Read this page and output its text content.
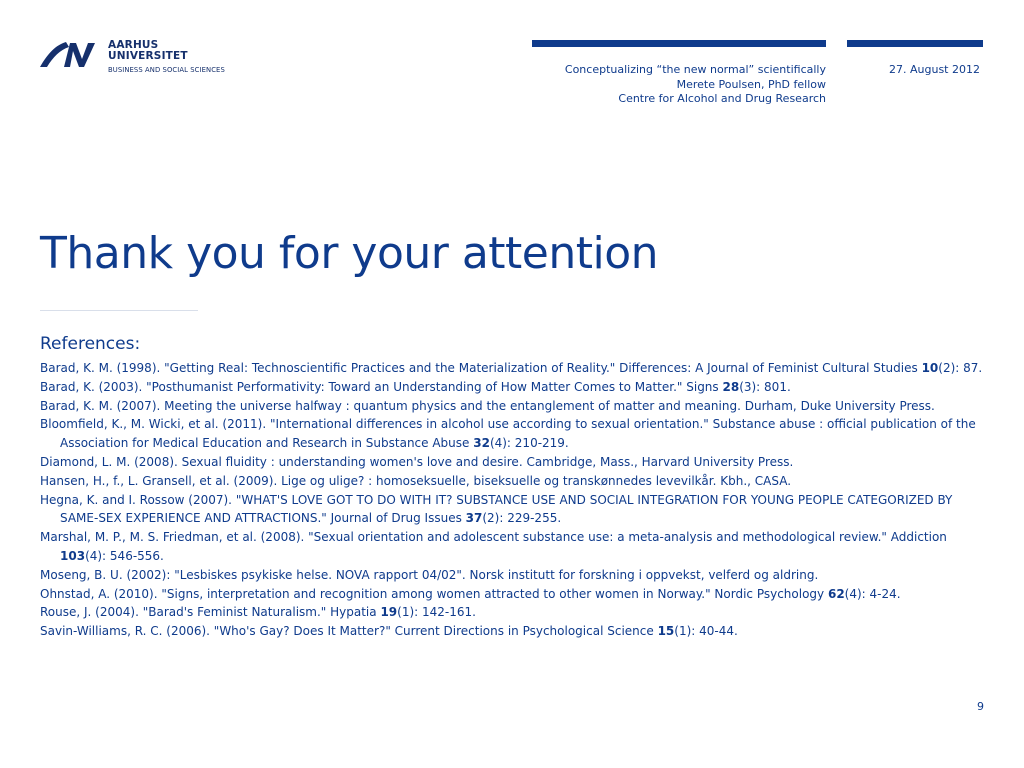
AARHUS
UNIVERSITET
BUSINESS AND SOCIAL SCIENCES	Conceptualizing “the new normal” scientifically
Merete Poulsen, PhD fellow
Centre for Alcohol and Drug Research
27. August 2012
Thank you for your attention
References:
Barad, K. M. (1998). "Getting Real: Technoscientific Practices and the Materialization of Reality." Differences: A Journal of Feminist Cultural Studies 10(2): 87.
Barad, K. (2003). "Posthumanist Performativity: Toward an Understanding of How Matter Comes to Matter." Signs 28(3): 801.
Barad, K. M. (2007). Meeting the universe halfway : quantum physics and the entanglement of matter and meaning. Durham, Duke University Press.
Bloomfield, K., M. Wicki, et al. (2011). "International differences in alcohol use according to sexual orientation." Substance abuse : official publication of the Association for Medical Education and Research in Substance Abuse 32(4): 210-219.
Diamond, L. M. (2008). Sexual fluidity : understanding women's love and desire. Cambridge, Mass., Harvard University Press.
Hansen, H., f., L. Gransell, et al. (2009). Lige og ulige? : homoseksuelle, biseksuelle og transkønnedes levevilkår. Kbh., CASA.
Hegna, K. and I. Rossow (2007). "WHAT'S LOVE GOT TO DO WITH IT? SUBSTANCE USE AND SOCIAL INTEGRATION FOR YOUNG PEOPLE CATEGORIZED BY SAME-SEX EXPERIENCE AND ATTRACTIONS." Journal of Drug Issues 37(2): 229-255.
Marshal, M. P., M. S. Friedman, et al. (2008). "Sexual orientation and adolescent substance use: a meta-analysis and methodological review." Addiction 103(4): 546-556.
Moseng, B. U. (2002): "Lesbiskes psykiske helse. NOVA rapport 04/02". Norsk institutt for forskning i oppvekst, velferd og aldring.
Ohnstad, A. (2010). "Signs, interpretation and recognition among women attracted to other women in Norway." Nordic Psychology 62(4): 4-24.
Rouse, J. (2004). "Barad's Feminist Naturalism." Hypatia 19(1): 142-161.
Savin-Williams, R. C. (2006). "Who's Gay? Does It Matter?" Current Directions in Psychological Science 15(1): 40-44.
9
